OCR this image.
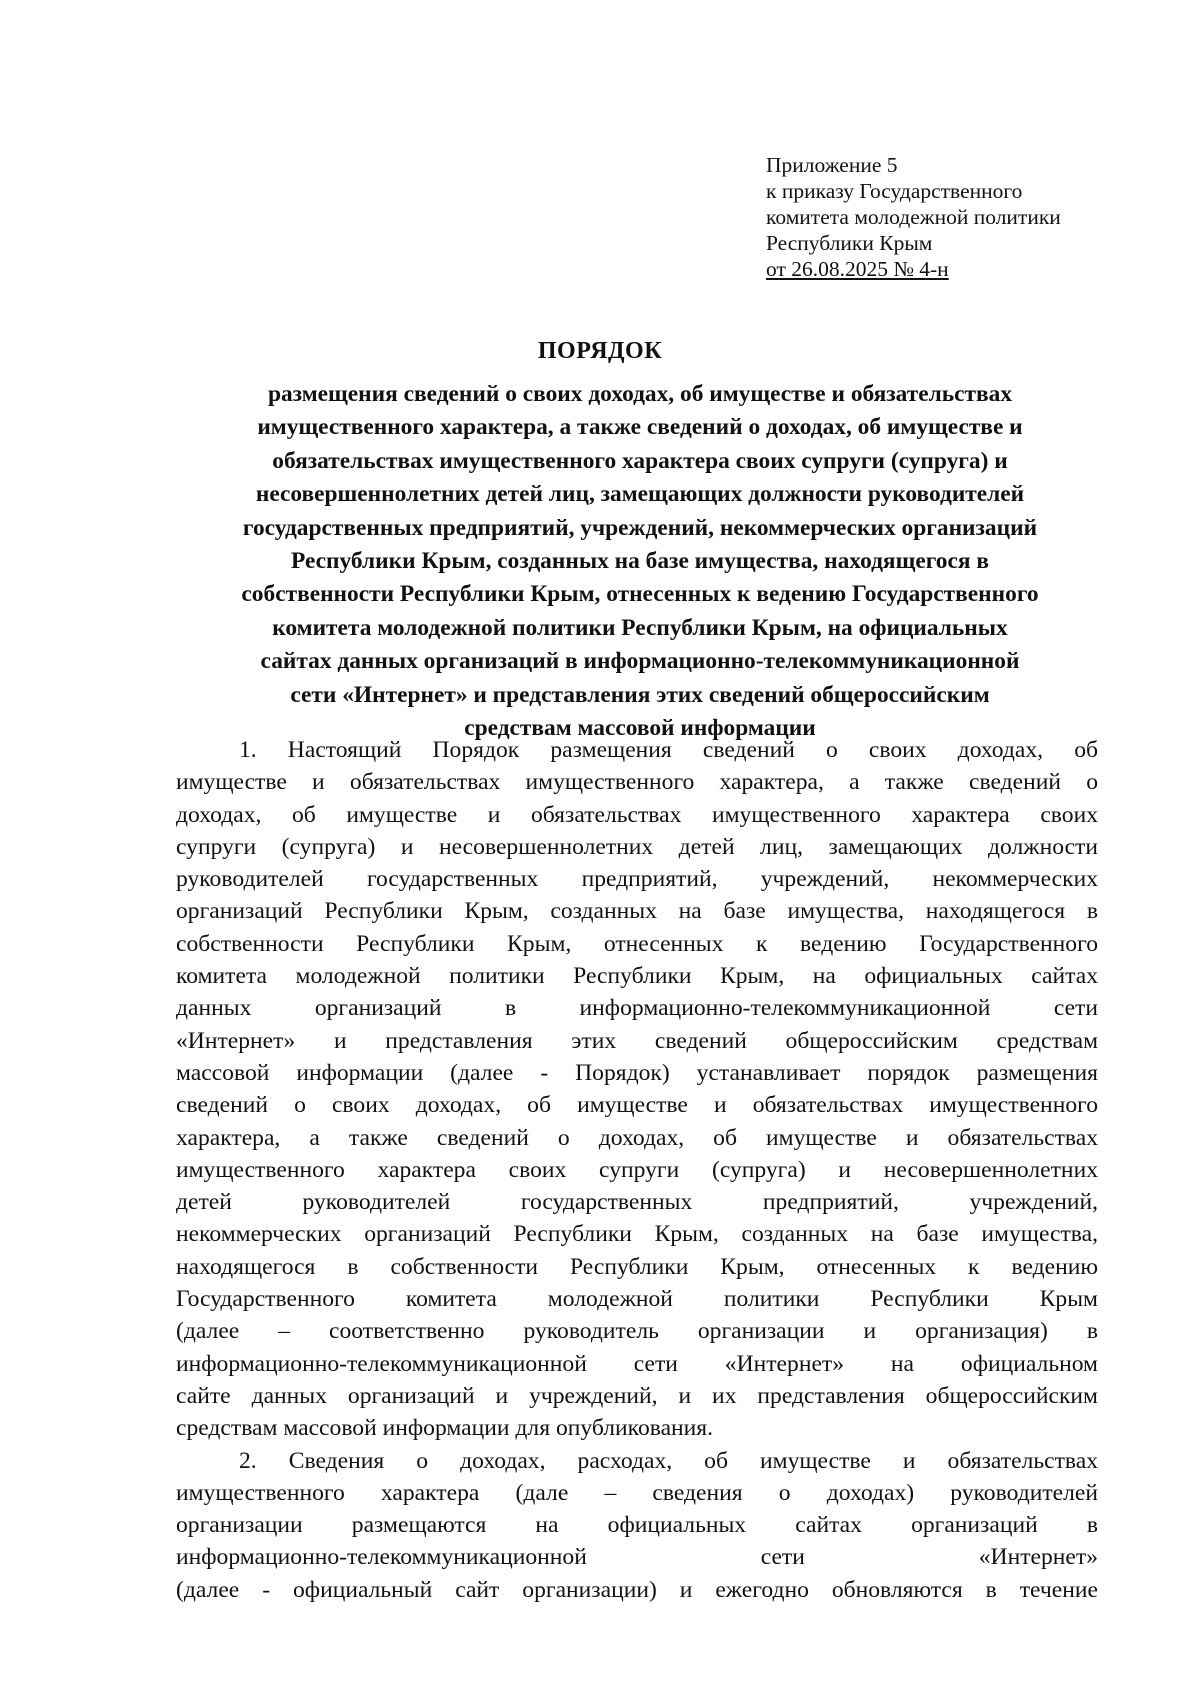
Приложение 5
к приказу Государственного
комитета молодежной политики
Республики Крым
от 26.08.2025 № 4-н
ПОРЯДОК
размещения сведений о своих доходах, об имуществе и обязательствах
имущественного характера, а также сведений о доходах, об имуществе и
обязательствах имущественного характера своих супруги (супруга) и
несовершеннолетних детей лиц, замещающих должности руководителей
государственных предприятий, учреждений, некоммерческих организаций
Республики Крым, созданных на базе имущества, находящегося в
собственности Республики Крым, отнесенных к ведению Государственного
комитета молодежной политики Республики Крым, на официальных
сайтах данных организаций в информационно-телекоммуникационной
сети «Интернет» и представления этих сведений общероссийским
средствам массовой информации
1. Настоящий Порядок размещения сведений о своих доходах, об
имуществе и обязательствах имущественного характера, а также сведений о
доходах, об имуществе и обязательствах имущественного характера своих
супруги (супруга) и несовершеннолетних детей лиц, замещающих должности
руководителей государственных предприятий, учреждений, некоммерческих
организаций Республики Крым, созданных на базе имущества, находящегося в
собственности Республики Крым, отнесенных к ведению Государственного
комитета молодежной политики Республики Крым, на официальных сайтах
данных организаций в информационно-телекоммуникационной сети
«Интернет» и представления этих сведений общероссийским средствам
массовой информации (далее - Порядок) устанавливает порядок размещения
сведений о своих доходах, об имуществе и обязательствах имущественного
характера, а также сведений о доходах, об имуществе и обязательствах
имущественного характера своих супруги (супруга) и несовершеннолетних
детей руководителей государственных предприятий, учреждений,
некоммерческих организаций Республики Крым, созданных на базе имущества,
находящегося в собственности Республики Крым, отнесенных к ведению
Государственного комитета молодежной политики Республики Крым
(далее – соответственно руководитель организации и организация) в
информационно-телекоммуникационной сети «Интернет» на официальном
сайте данных организаций и учреждений, и их представления общероссийским
средствам массовой информации для опубликования.
2. Сведения о доходах, расходах, об имуществе и обязательствах
имущественного характера (дале – сведения о доходах) руководителей
организации размещаются на официальных сайтах организаций в
информационно-телекоммуникационной сети «Интернет»
(далее - официальный сайт организации) и ежегодно обновляются в течение
